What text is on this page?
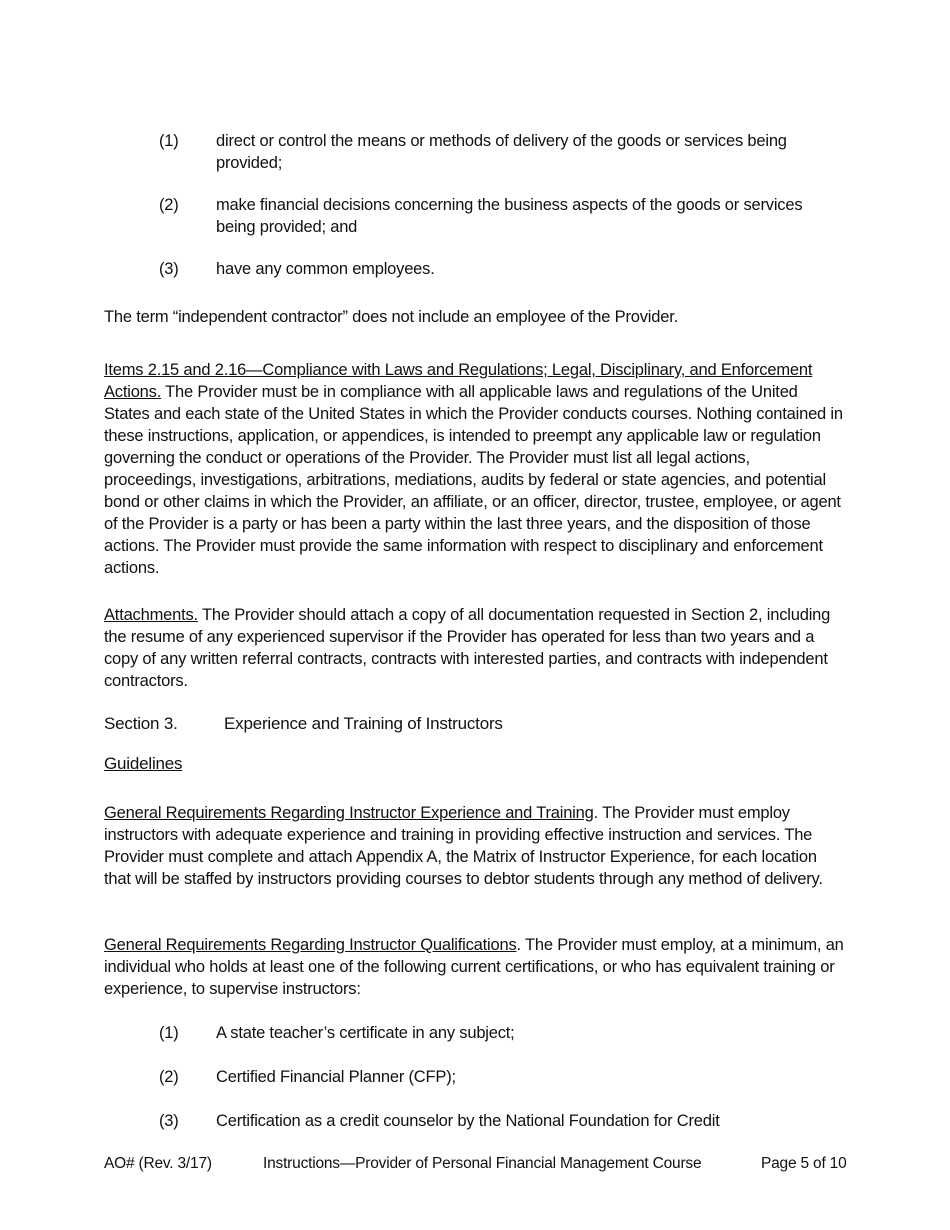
(1) direct or control the means or methods of delivery of the goods or services being provided;
(2) make financial decisions concerning the business aspects of the goods or services being provided; and
(3) have any common employees.
The term “independent contractor” does not include an employee of the Provider.
Items 2.15 and 2.16—Compliance with Laws and Regulations; Legal, Disciplinary, and Enforcement Actions. The Provider must be in compliance with all applicable laws and regulations of the United States and each state of the United States in which the Provider conducts courses. Nothing contained in these instructions, application, or appendices, is intended to preempt any applicable law or regulation governing the conduct or operations of the Provider. The Provider must list all legal actions, proceedings, investigations, arbitrations, mediations, audits by federal or state agencies, and potential bond or other claims in which the Provider, an affiliate, or an officer, director, trustee, employee, or agent of the Provider is a party or has been a party within the last three years, and the disposition of those actions. The Provider must provide the same information with respect to disciplinary and enforcement actions.
Attachments. The Provider should attach a copy of all documentation requested in Section 2, including the resume of any experienced supervisor if the Provider has operated for less than two years and a copy of any written referral contracts, contracts with interested parties, and contracts with independent contractors.
Section 3.	Experience and Training of Instructors
Guidelines
General Requirements Regarding Instructor Experience and Training. The Provider must employ instructors with adequate experience and training in providing effective instruction and services. The Provider must complete and attach Appendix A, the Matrix of Instructor Experience, for each location that will be staffed by instructors providing courses to debtor students through any method of delivery.
General Requirements Regarding Instructor Qualifications. The Provider must employ, at a minimum, an individual who holds at least one of the following current certifications, or who has equivalent training or experience, to supervise instructors:
(1) A state teacher’s certificate in any subject;
(2) Certified Financial Planner (CFP);
(3) Certification as a credit counselor by the National Foundation for Credit
AO# (Rev. 3/17)	Instructions—Provider of Personal Financial Management Course	Page 5 of 10
